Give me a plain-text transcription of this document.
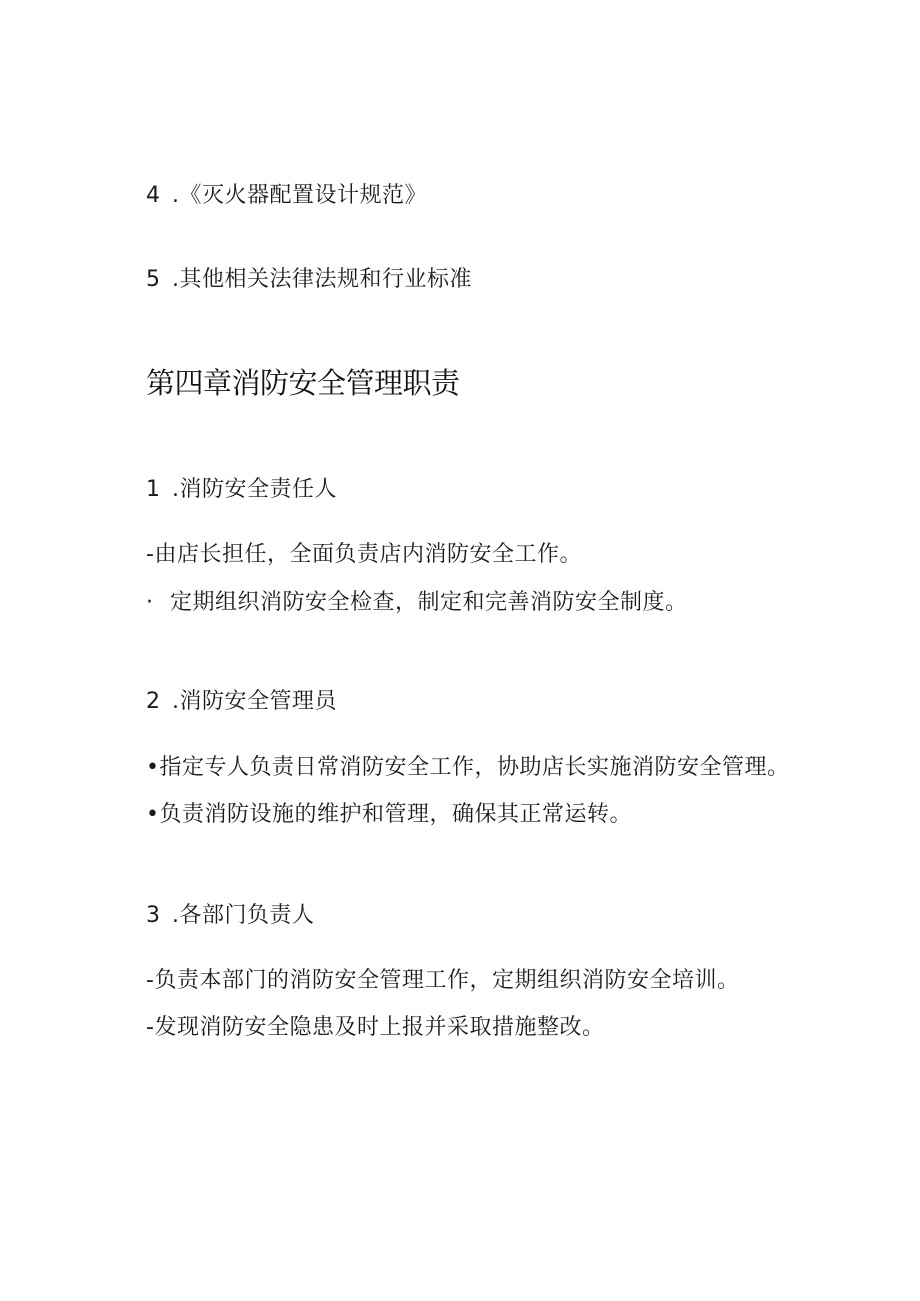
4 .《灭火器配置设计规范》
5 .其他相关法律法规和行业标准
第四章消防安全管理职责
1 .消防安全责任人
-由店长担任，全面负责店内消防安全工作。
· 定期组织消防安全检查，制定和完善消防安全制度。
2 .消防安全管理员
•指定专人负责日常消防安全工作，协助店长实施消防安全管理。
•负责消防设施的维护和管理，确保其正常运转。
3 .各部门负责人
-负责本部门的消防安全管理工作，定期组织消防安全培训。
-发现消防安全隐患及时上报并采取措施整改。
